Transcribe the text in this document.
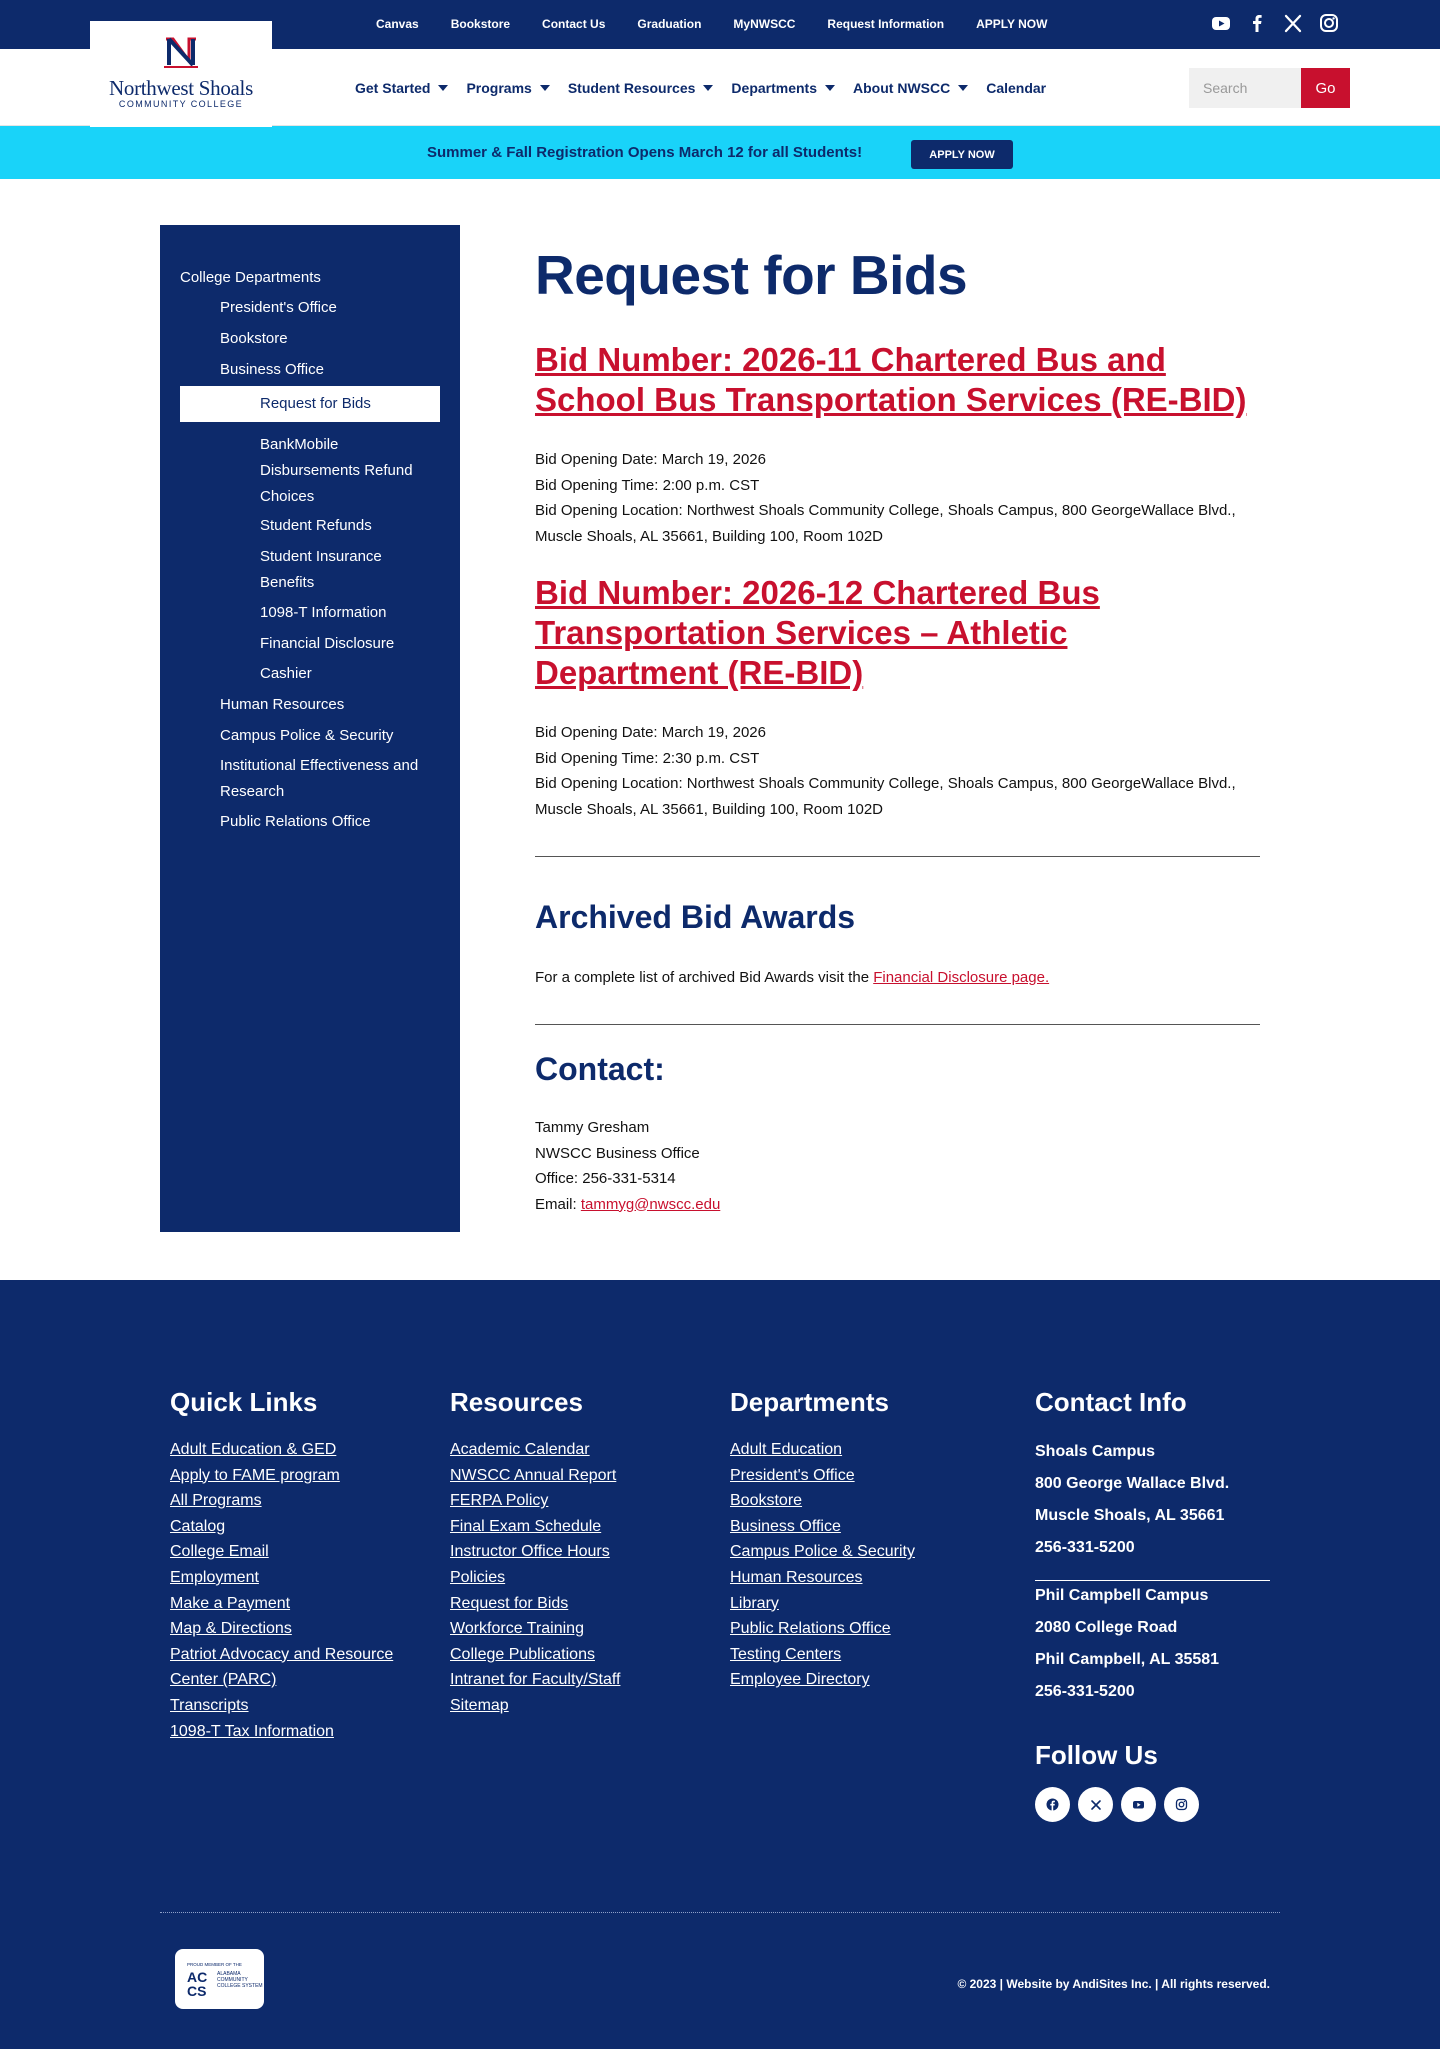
Canvas	Bookstore	Contact Us	Graduation	MyNWSCC	Request Information	APPLY NOW
Get Started	Programs	Student Resources	Departments	About NWSCC	Calendar
Search	Go
Northwest Shoals
COMMUNITY COLLEGE
Summer & Fall Registration Opens March 12 for all Students!	APPLY NOW
College Departments
President's Office
Bookstore
Business Office
Request for Bids
BankMobile Disbursements Refund Choices
Student Refunds
Student Insurance Benefits
1098-T Information
Financial Disclosure
Cashier
Human Resources
Campus Police & Security
Institutional Effectiveness and Research
Public Relations Office
Request for Bids
Bid Number: 2026-11 Chartered Bus and School Bus Transportation Services (RE-BID)
Bid Opening Date: March 19, 2026
Bid Opening Time: 2:00 p.m. CST
Bid Opening Location: Northwest Shoals Community College, Shoals Campus, 800 GeorgeWallace Blvd., Muscle Shoals, AL 35661, Building 100, Room 102D
Bid Number: 2026-12 Chartered Bus Transportation Services – Athletic Department (RE-BID)
Bid Opening Date: March 19, 2026
Bid Opening Time: 2:30 p.m. CST
Bid Opening Location: Northwest Shoals Community College, Shoals Campus, 800 GeorgeWallace Blvd., Muscle Shoals, AL 35661, Building 100, Room 102D
Archived Bid Awards

For a complete list of archived Bid Awards visit the Financial Disclosure page.

Contact:
Tammy Gresham
NWSCC Business Office
Office: 256-331-5314
Email: tammyg@nwscc.edu
Quick Links
Adult Education & GED
Apply to FAME program
All Programs
Catalog
College Email
Employment
Make a Payment
Map & Directions
Patriot Advocacy and Resource Center (PARC)
Transcripts
1098-T Tax Information
Resources
Academic Calendar
NWSCC Annual Report
FERPA Policy
Final Exam Schedule
Instructor Office Hours
Policies
Request for Bids
Workforce Training
College Publications
Intranet for Faculty/Staff
Sitemap
Departments
Adult Education
President's Office
Bookstore
Business Office
Campus Police & Security
Human Resources
Library
Public Relations Office
Testing Centers
Employee Directory
Contact Info
Shoals Campus
800 George Wallace Blvd.
Muscle Shoals, AL 35661
256-331-5200
Phil Campbell Campus
2080 College Road
Phil Campbell, AL 35581
256-331-5200
Follow Us
PROUD MEMBER OF THE
AC CS
ALABAMA COMMUNITY COLLEGE SYSTEM	© 2023 | Website by AndiSites Inc. | All rights reserved.
